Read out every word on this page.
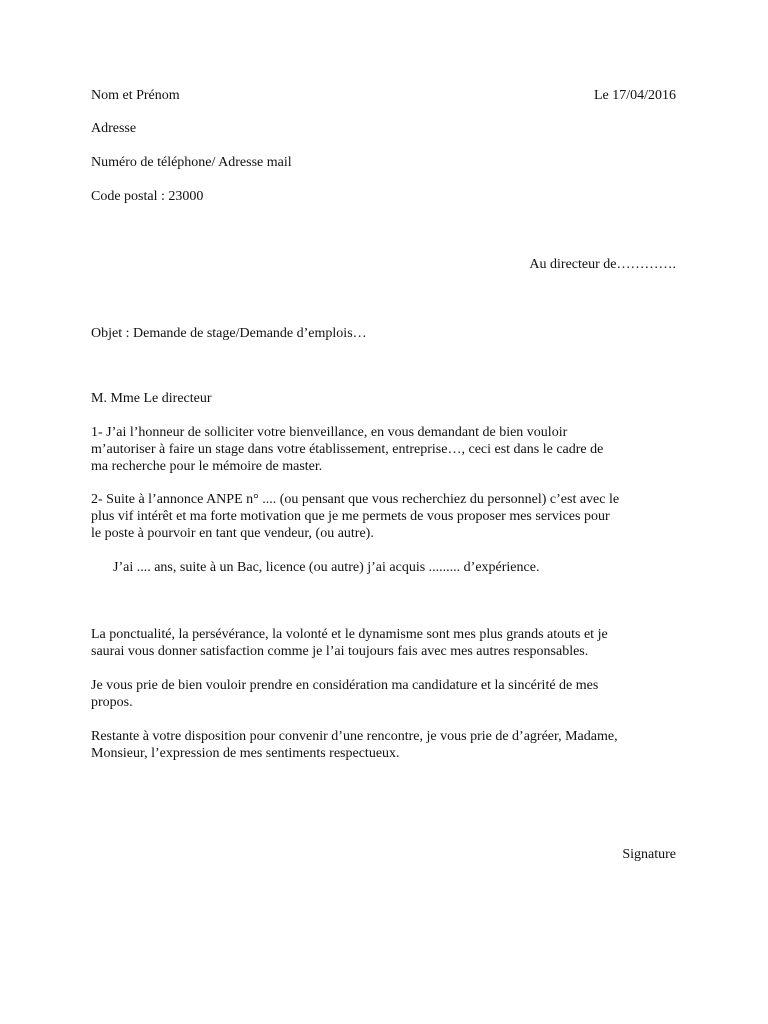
Nom et Prénom	Le 17/04/2016
Adresse
Numéro de téléphone/ Adresse mail
Code postal : 23000
Au directeur de………….
Objet : Demande de stage/Demande d’emplois…
M. Mme Le directeur
1- J’ai l’honneur de solliciter votre bienveillance, en vous demandant de bien vouloir
m’autoriser à faire un stage dans votre établissement, entreprise…, ceci est dans le cadre de
ma recherche pour le mémoire de master.
2- Suite à l’annonce ANPE n° .... (ou pensant que vous recherchiez du personnel) c’est avec le
plus vif intérêt et ma forte motivation que je me permets de vous proposer mes services pour
le poste à pourvoir en tant que vendeur, (ou autre).
J’ai .... ans, suite à un Bac, licence (ou autre) j’ai acquis ......... d’expérience.
La ponctualité, la persévérance, la volonté et le dynamisme sont mes plus grands atouts et je
saurai vous donner satisfaction comme je l’ai toujours fais avec mes autres responsables.
Je vous prie de bien vouloir prendre en considération ma candidature et la sincérité de mes
propos.
Restante à votre disposition pour convenir d’une rencontre, je vous prie de d’agréer, Madame,
Monsieur, l’expression de mes sentiments respectueux.
Signature
